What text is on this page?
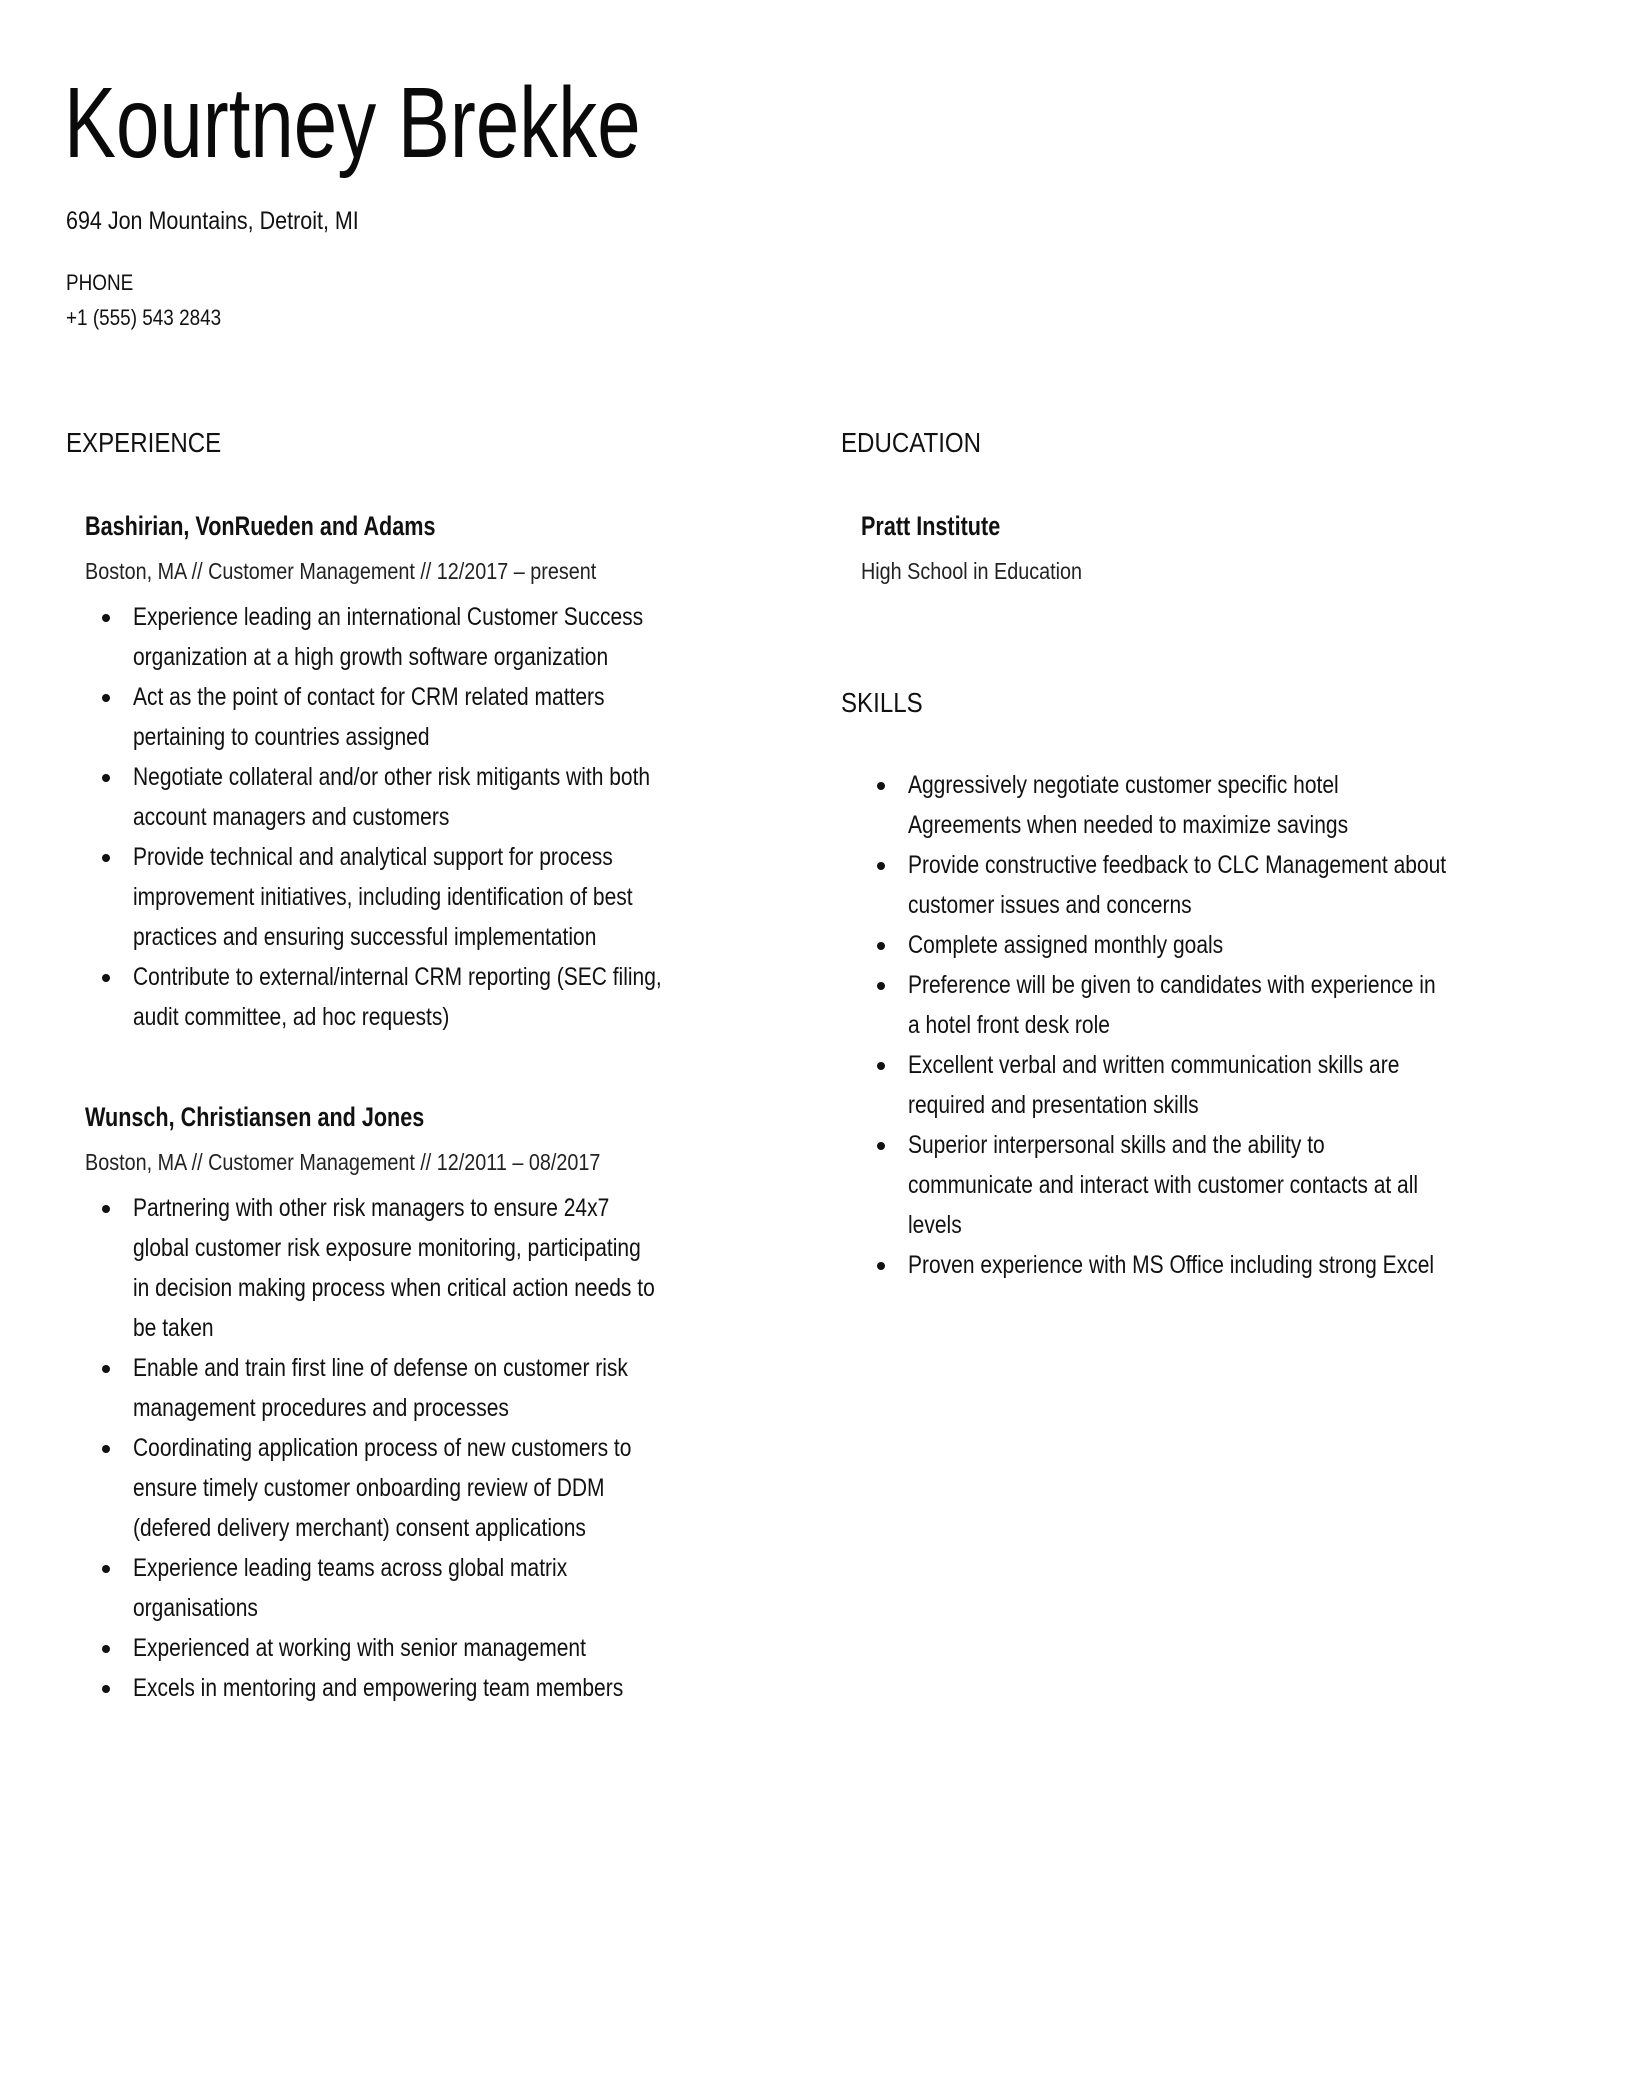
Kourtney Brekke
694 Jon Mountains, Detroit, MI
PHONE
+1 (555) 543 2843
EXPERIENCE
Bashirian, VonRueden and Adams
Boston, MA // Customer Management // 12/2017 – present
Experience leading an international Customer Success
organization at a high growth software organization
Act as the point of contact for CRM related matters
pertaining to countries assigned
Negotiate collateral and/or other risk mitigants with both
account managers and customers
Provide technical and analytical support for process
improvement initiatives, including identification of best
practices and ensuring successful implementation
Contribute to external/internal CRM reporting (SEC filing,
audit committee, ad hoc requests)
Wunsch, Christiansen and Jones
Boston, MA // Customer Management // 12/2011 – 08/2017
Partnering with other risk managers to ensure 24x7
global customer risk exposure monitoring, participating
in decision making process when critical action needs to
be taken
Enable and train first line of defense on customer risk
management procedures and processes
Coordinating application process of new customers to
ensure timely customer onboarding review of DDM
(defered delivery merchant) consent applications
Experience leading teams across global matrix
organisations
Experienced at working with senior management
Excels in mentoring and empowering team members
EDUCATION
Pratt Institute
High School in Education
SKILLS
Aggressively negotiate customer specific hotel
Agreements when needed to maximize savings
Provide constructive feedback to CLC Management about
customer issues and concerns
Complete assigned monthly goals
Preference will be given to candidates with experience in
a hotel front desk role
Excellent verbal and written communication skills are
required and presentation skills
Superior interpersonal skills and the ability to
communicate and interact with customer contacts at all
levels
Proven experience with MS Office including strong Excel
